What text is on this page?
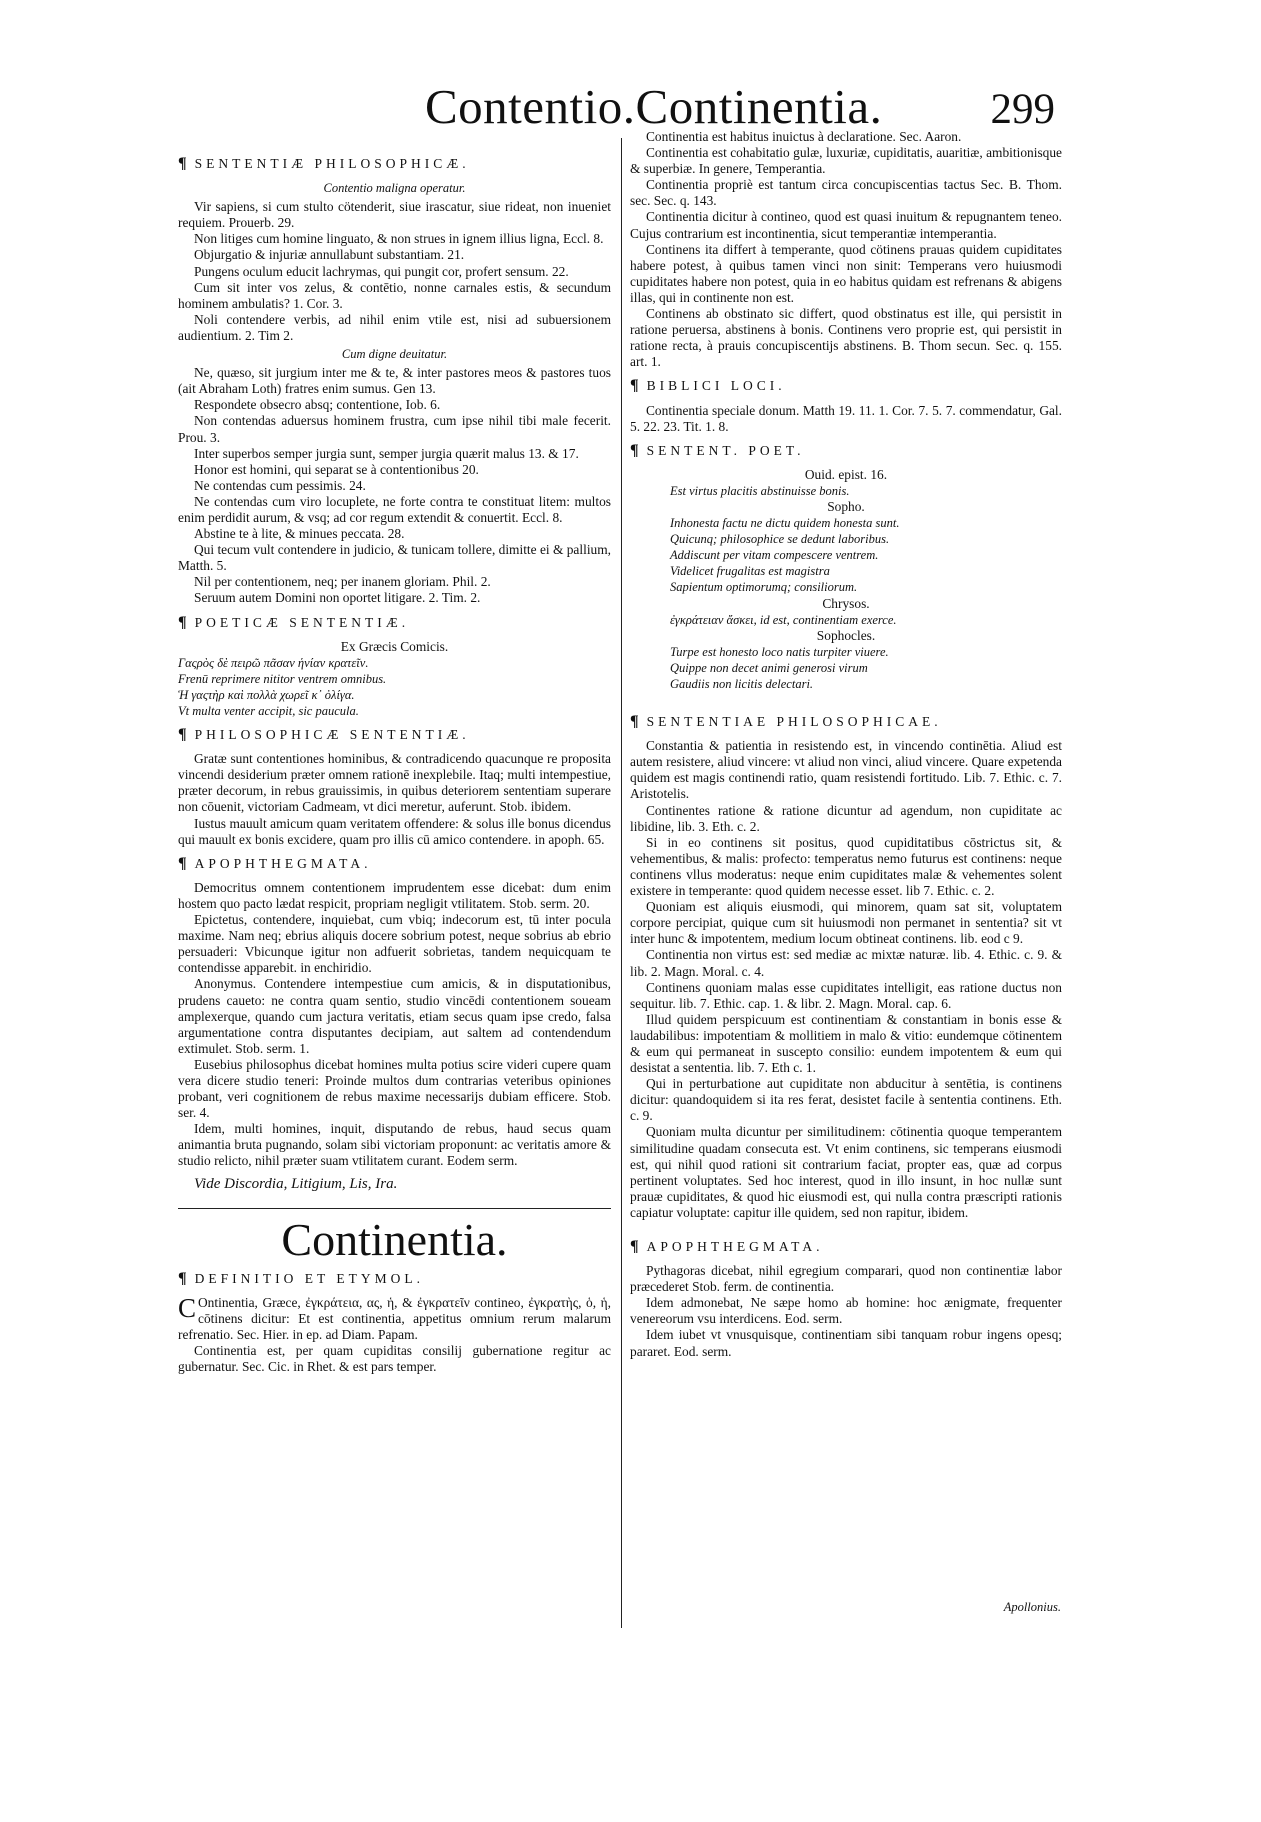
Contentio.Continentia.	299
¶ SENTENTIÆ PHILOSOPHICÆ.

Contentio maligna operatur.

Vir sapiens, si cum stulto cötenderit, siue irascatur, siue rideat, non inueniet requiem. Prouerb. 29.

Non litiges cum homine linguato, & non strues in ignem illius ligna, Eccl. 8.

Objurgatio & injuriæ annullabunt substantiam. 21.

Pungens oculum educit lachrymas, qui pungit cor, profert sensum. 22.

Cum sit inter vos zelus, & contētio, nonne carnales estis, & secundum hominem ambulatis? 1. Cor. 3.

Noli contendere verbis, ad nihil enim vtile est, nisi ad subuersionem audientium. 2. Tim 2.

Cum digne deuitatur.

Ne, quæso, sit jurgium inter me & te, & inter pastores meos & pastores tuos (ait Abraham Loth) fratres enim sumus. Gen 13.

Respondete obsecro absq; contentione, Iob. 6.

Non contendas aduersus hominem frustra, cum ipse nihil tibi male fecerit. Prou. 3.

Inter superbos semper jurgia sunt, semper jurgia quærit malus 13. & 17.

Honor est homini, qui separat se à contentionibus 20.

Ne contendas cum pessimis. 24.

Ne contendas cum viro locuplete, ne forte contra te constituat litem: multos enim perdidit aurum, & vsq; ad cor regum extendit & conuertit. Eccl. 8.

Abstine te à lite, & minues peccata. 28.

Qui tecum vult contendere in judicio, & tunicam tollere, dimitte ei & pallium, Matth. 5.

Nil per contentionem, neq; per inanem gloriam. Phil. 2.

Seruum autem Domini non oportet litigare. 2. Tim. 2.

¶ POETICÆ SENTENTIÆ.

Ex Græcis Comicis.

Γαςρὸς δὲ πειρῶ πᾶσαν ἡνίαν κρατεῖν.

Frenū reprimere nititor ventrem omnibus.

Ἡ γαςτὴρ καὶ πολλὰ χωρεῖ κ᾽ ὀλίγα.

Vt multa venter accipit, sic paucula.

¶ PHILOSOPHICÆ SENTENTIÆ.

Gratæ sunt contentiones hominibus, & contradicendo quacunque re proposita vincendi desiderium præter omnem rationē inexplebile. Itaq; multi intempestiue, præter decorum, in rebus grauissimis, in quibus deteriorem sententiam superare non cōuenit, victoriam Cadmeam, vt dici meretur, auferunt. Stob. ibidem.

Iustus mauult amicum quam veritatem offendere: & solus ille bonus dicendus qui mauult ex bonis excidere, quam pro illis cū amico contendere. in apoph. 65.

¶ APOPHTHEGMATA.

Democritus omnem contentionem imprudentem esse dicebat: dum enim hostem quo pacto lædat respicit, propriam negligit vtilitatem. Stob. serm. 20.

Epictetus, contendere, inquiebat, cum vbiq; indecorum est, tū inter pocula maxime. Nam neq; ebrius aliquis docere sobrium potest, neque sobrius ab ebrio persuaderi: Vbicunque igitur non adfuerit sobrietas, tandem nequicquam te contendisse apparebit. in enchiridio.

Anonymus. Contendere intempestiue cum amicis, & in disputationibus, prudens caueto: ne contra quam sentio, studio vincēdi contentionem soueam amplexerque, quando cum jactura veritatis, etiam secus quam ipse credo, falsa argumentatione contra disputantes decipiam, aut saltem ad contendendum extimulet. Stob. serm. 1.

Eusebius philosophus dicebat homines multa potius scire videri cupere quam vera dicere studio teneri: Proinde multos dum contrarias veteribus opiniones probant, veri cognitionem de rebus maxime necessarijs dubiam efficere. Stob. ser. 4.

Idem, multi homines, inquit, disputando de rebus, haud secus quam animantia bruta pugnando, solam sibi victoriam proponunt: ac veritatis amore & studio relicto, nihil præter suam vtilitatem curant. Eodem serm.

Vide Discordia, Litigium, Lis, Ira.

Continentia.
¶ DEFINITIO ET ETYMOL.

C Ontinentia, Græce, ἐγκράτεια, ας, ἡ, & ἐγκρατεῖν contineo, ἐγκρατὴς, ὁ, ἡ, cōtinens dicitur: Et est continentia, appetitus omnium rerum malarum refrenatio. Sec. Hier. in ep. ad Diam. Papam.

Continentia est, per quam cupiditas consilij gubernatione regitur ac gubernatur. Sec. Cic. in Rhet. & est pars temper.

Continentia est habitus inuictus à declaratione. Sec. Aaron.

Continentia est cohabitatio gulæ, luxuriæ, cupiditatis, auaritiæ, ambitionisque & superbiæ. In genere, Temperantia.

Continentia propriè est tantum circa concupiscentias tactus Sec. B. Thom. sec. Sec. q. 143.

Continentia dicitur à contineo, quod est quasi inuitum & repugnantem teneo. Cujus contrarium est incontinentia, sicut temperantiæ intemperantia.

Continens ita differt à temperante, quod cötinens prauas quidem cupiditates habere potest, à quibus tamen vinci non sinit: Temperans vero huiusmodi cupiditates habere non potest, quia in eo habitus quidam est refrenans & abigens illas, qui in continente non est.

Continens ab obstinato sic differt, quod obstinatus est ille, qui persistit in ratione peruersa, abstinens à bonis. Continens vero proprie est, qui persistit in ratione recta, à prauis concupiscentijs abstinens. B. Thom secun. Sec. q. 155. art. 1.

¶ BIBLICI LOCI.

Continentia speciale donum. Matth 19. 11. 1. Cor. 7. 5. 7. commendatur, Gal. 5. 22. 23. Tit. 1. 8.

¶ SENTENT. POET.

Ouid. epist. 16.

Est virtus placitis abstinuisse bonis.

Sopho.

Inhonesta factu ne dictu quidem honesta sunt.

Quicunq; philosophice se dedunt laboribus.

Addiscunt per vitam compescere ventrem.

Videlicet frugalitas est magistra

Sapientum optimorumq; consiliorum.

Chrysos.

ἐγκράτειαν ἄσκει, id est, continentiam exerce.

Sophocles.

Turpe est honesto loco natis turpiter viuere.

Quippe non decet animi generosi virum

Gaudiis non licitis delectari.

¶ SENTENTIAE PHILOSOPHICAE.

Constantia & patientia in resistendo est, in vincendo continētia. Aliud est autem resistere, aliud vincere: vt aliud non vinci, aliud vincere. Quare expetenda quidem est magis continendi ratio, quam resistendi fortitudo. Lib. 7. Ethic. c. 7. Aristotelis.

Continentes ratione & ratione dicuntur ad agendum, non cupiditate ac libidine, lib. 3. Eth. c. 2.

Si in eo continens sit positus, quod cupiditatibus cōstrictus sit, & vehementibus, & malis: profecto: temperatus nemo futurus est continens: neque continens vllus moderatus: neque enim cupiditates malæ & vehementes solent existere in temperante: quod quidem necesse esset. lib 7. Ethic. c. 2.

Quoniam est aliquis eiusmodi, qui minorem, quam sat sit, voluptatem corpore percipiat, quique cum sit huiusmodi non permanet in sententia? sit vt inter hunc & impotentem, medium locum obtineat continens. lib. eod c 9.

Continentia non virtus est: sed mediæ ac mixtæ naturæ. lib. 4. Ethic. c. 9. & lib. 2. Magn. Moral. c. 4.

Continens quoniam malas esse cupiditates intelligit, eas ratione ductus non sequitur. lib. 7. Ethic. cap. 1. & libr. 2. Magn. Moral. cap. 6.

Illud quidem perspicuum est continentiam & constantiam in bonis esse & laudabilibus: impotentiam & mollitiem in malo & vitio: eundemque cötinentem & eum qui permaneat in suscepto consilio: eundem impotentem & eum qui desistat a sententia. lib. 7. Eth c. 1.

Qui in perturbatione aut cupiditate non abducitur à sentētia, is continens dicitur: quandoquidem si ita res ferat, desistet facile à sententia continens. Eth. c. 9.

Quoniam multa dicuntur per similitudinem: cōtinentia quoque temperantem similitudine quadam consecuta est. Vt enim continens, sic temperans eiusmodi est, qui nihil quod rationi sit contrarium faciat, propter eas, quæ ad corpus pertinent voluptates. Sed hoc interest, quod in illo insunt, in hoc nullæ sunt prauæ cupiditates, & quod hic eiusmodi est, qui nulla contra præscripti rationis capiatur voluptate: capitur ille quidem, sed non rapitur, ibidem.

¶ APOPHTHEGMATA.

Pythagoras dicebat, nihil egregium comparari, quod non continentiæ labor præcederet Stob. ferm. de continentia.

Idem admonebat, Ne sæpe homo ab homine: hoc ænigmate, frequenter venereorum vsu interdicens. Eod. serm.

Idem iubet vt vnusquisque, continentiam sibi tanquam robur ingens opesq; pararet. Eod. serm.

Apollonius.
